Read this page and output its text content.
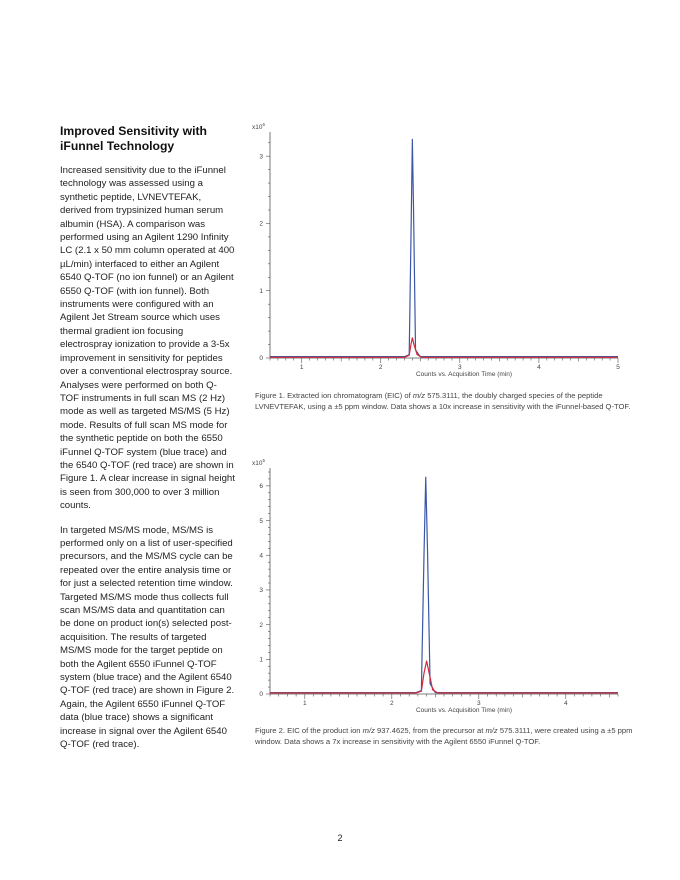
Improved Sensitivity with
iFunnel Technology

Increased sensitivity due to the iFunnel technology was assessed using a synthetic peptide, LVNEVTEFAK, derived from trypsinized human serum albumin (HSA). A comparison was performed using an Agilent 1290 Infinity LC (2.1 x 50 mm column operated at 400 µL/min) interfaced to either an Agilent 6540 Q-TOF (no ion funnel) or an Agilent 6550 Q-TOF (with ion funnel). Both instruments were configured with an Agilent Jet Stream source which uses thermal gradient ion focusing electrospray ionization to provide a 3-5x improvement in sensitivity for peptides over a conventional electrospray source. Analyses were performed on both Q-TOF instruments in full scan MS (2 Hz) mode as well as targeted MS/MS (5 Hz) mode. Results of full scan MS mode for the synthetic peptide on both the 6550 iFunnel Q-TOF system (blue trace) and the 6540 Q-TOF (red trace) are shown in Figure 1. A clear increase in signal height is seen from 300,000 to over 3 million counts.

In targeted MS/MS mode, MS/MS is performed only on a list of user-specified precursors, and the MS/MS cycle can be repeated over the entire analysis time or for just a selected retention time window. Targeted MS/MS mode thus collects full scan MS/MS data and quantitation can be done on product ion(s) selected post-acquisition. The results of targeted MS/MS mode for the target peptide on both the Agilent 6550 iFunnel Q-TOF system (blue trace) and the Agilent 6540 Q-TOF (red trace) are shown in Figure 2. Again, the Agilent 6550 iFunnel Q-TOF data (blue trace) shows a significant increase in signal over the Agilent 6540 Q-TOF (red trace).

$x10^6$
0
1
2
3
1	2	3	4	5
Counts vs. Acquisition Time (min)
Figure 1. Extracted ion chromatogram (EIC) of m/z 575.3111, the doubly charged species of the peptide LVNEVTEFAK, using a ±5 ppm window. Data shows a 10x increase in sensitivity with the iFunnel-based Q-TOF.
$x10^5$
0
1
2
3
4
5
6
1	2	3	4
Counts vs. Acquisition Time (min)
Figure 2. EIC of the product ion m/z 937.4625, from the precursor at m/z 575.3111, were created using a ±5 ppm window. Data shows a 7x increase in sensitivity with the Agilent 6550 iFunnel Q-TOF.
2
